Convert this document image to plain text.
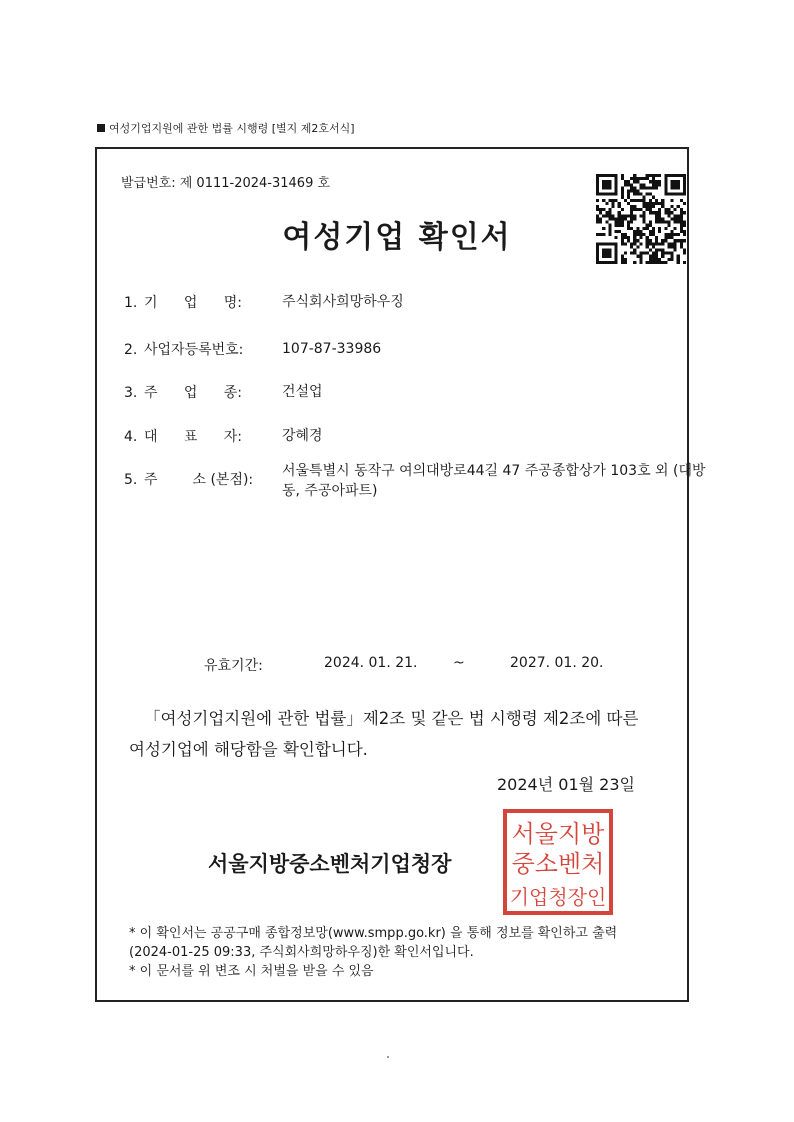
여성기업지원에 관한 법률 시행령 [별지 제2호서식]
발급번호: 제 0111-2024-31469 호
여성기업 확인서
1. 기 업 명:	주식회사희망하우징
2. 사업자등록번호:	107-87-33986
3. 주 업 종:	건설업
4. 대 표 자:	강혜경
5. 주 소 (본점):
서울특별시 동작구 여의대방로44길 47 주공종합상가 103호 외 (대방동, 주공아파트)
유효기간:	2024. 01. 21.	~	2027. 01. 20.
「여성기업지원에 관한 법률」제2조 및 같은 법 시행령 제2조에 따른
여성기업에 해당함을 확인합니다.
2024년 01월 23일
서울지방중소벤처기업청장
서울지방
중소벤처
기업청장인
* 이 확인서는 공공구매 종합정보망(www.smpp.go.kr) 을 통해 정보를 확인하고 출력
(2024-01-25 09:33, 주식회사희망하우징)한 확인서입니다.
* 이 문서를 위 변조 시 처벌을 받을 수 있음
